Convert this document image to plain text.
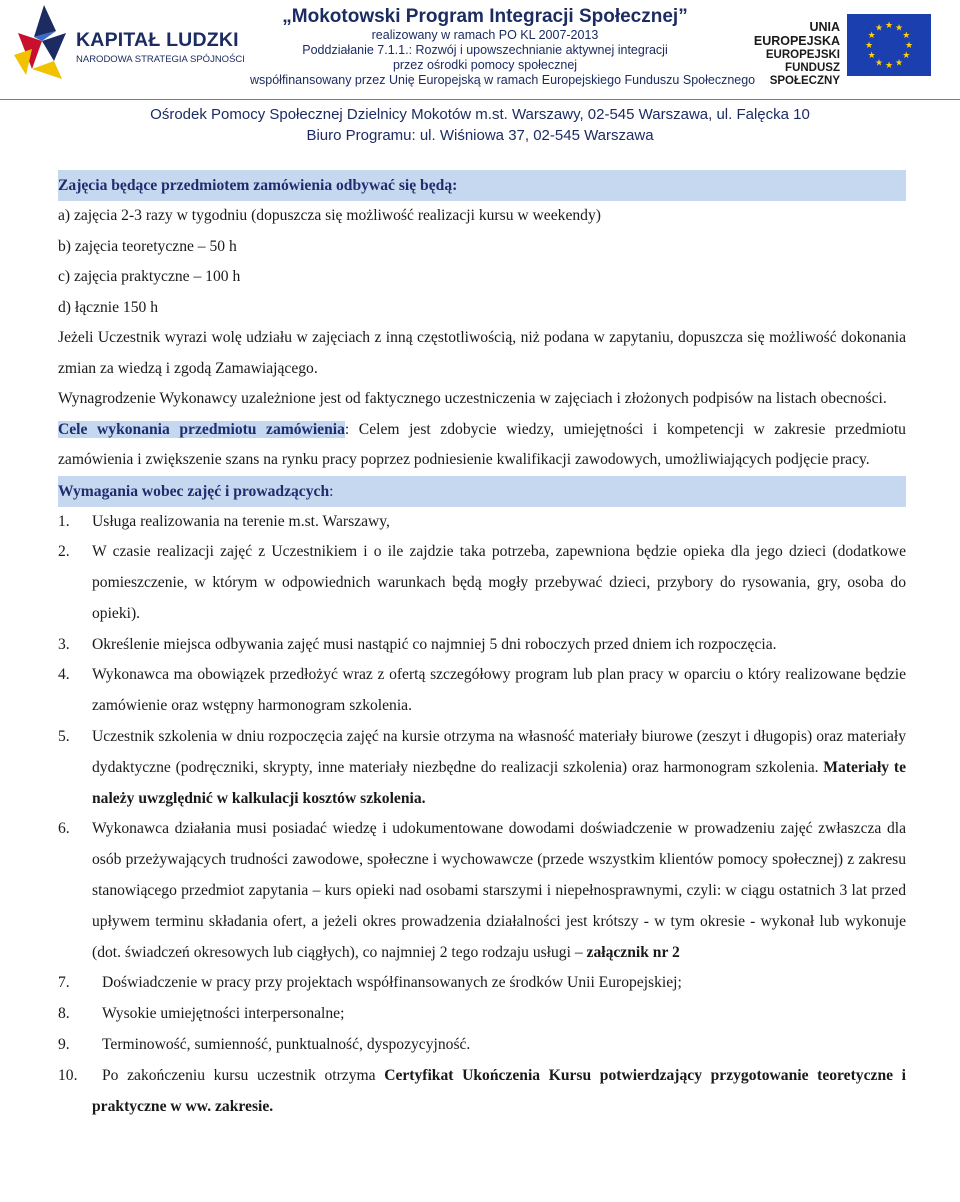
KAPITAŁ LUDZKI
NARODOWA STRATEGIA SPÓJNOŚCI
„Mokotowski Program Integracji Społecznej”
realizowany w ramach PO KL 2007-2013
Poddziałanie 7.1.1.: Rozwój i upowszechnianie aktywnej integracji
przez ośrodki pomocy społecznej
współfinansowany przez Unię Europejską w ramach Europejskiego Funduszu Społecznego
UNIA EUROPEJSKA
EUROPEJSKI
FUNDUSZ SPOŁECZNY
★
★
★
★
★
★
★
★
★ ★ ★
★
Ośrodek Pomocy Społecznej Dzielnicy Mokotów m.st. Warszawy, 02-545 Warszawa, ul. Falęcka 10
Biuro Programu: ul. Wiśniowa 37, 02-545 Warszawa
Zajęcia będące przedmiotem zamówienia odbywać się będą:
a) zajęcia 2-3 razy w tygodniu (dopuszcza się możliwość realizacji kursu w weekendy)
b) zajęcia teoretyczne – 50 h
c) zajęcia praktyczne – 100 h
d) łącznie 150 h
Jeżeli Uczestnik wyrazi wolę udziału w zajęciach z inną częstotliwością, niż podana w zapytaniu, dopuszcza się możliwość dokonania zmian za wiedzą i zgodą Zamawiającego.
Wynagrodzenie Wykonawcy uzależnione jest od faktycznego uczestniczenia w zajęciach i złożonych podpisów na listach obecności.
Cele wykonania przedmiotu zamówienia: Celem jest zdobycie wiedzy, umiejętności i kompetencji w zakresie przedmiotu zamówienia i zwiększenie szans na rynku pracy poprzez podniesienie kwalifikacji zawodowych, umożliwiających podjęcie pracy.
Wymagania wobec zajęć i prowadzących:
1. Usługa realizowania na terenie m.st. Warszawy,
2. W czasie realizacji zajęć z Uczestnikiem i o ile zajdzie taka potrzeba, zapewniona będzie opieka dla jego dzieci (dodatkowe pomieszczenie, w którym w odpowiednich warunkach będą mogły przebywać dzieci, przybory do rysowania, gry, osoba do opieki).
3. Określenie miejsca odbywania zajęć musi nastąpić co najmniej 5 dni roboczych przed dniem ich rozpoczęcia.
4. Wykonawca ma obowiązek przedłożyć wraz z ofertą szczegółowy program lub plan pracy w oparciu o który realizowane będzie zamówienie oraz wstępny harmonogram szkolenia.
5. Uczestnik szkolenia w dniu rozpoczęcia zajęć na kursie otrzyma na własność materiały biurowe (zeszyt i długopis) oraz materiały dydaktyczne (podręczniki, skrypty, inne materiały niezbędne do realizacji szkolenia) oraz harmonogram szkolenia. Materiały te należy uwzględnić w kalkulacji kosztów szkolenia.
6. Wykonawca działania musi posiadać wiedzę i udokumentowane dowodami doświadczenie w prowadzeniu zajęć zwłaszcza dla osób przeżywających trudności zawodowe, społeczne i wychowawcze (przede wszystkim klientów pomocy społecznej) z zakresu stanowiącego przedmiot zapytania – kurs opieki nad osobami starszymi i niepełnosprawnymi, czyli: w ciągu ostatnich 3 lat przed upływem terminu składania ofert, a jeżeli okres prowadzenia działalności jest krótszy - w tym okresie - wykonał lub wykonuje (dot. świadczeń okresowych lub ciągłych), co najmniej 2 tego rodzaju usługi – załącznik nr 2
7. Doświadczenie w pracy przy projektach współfinansowanych ze środków Unii Europejskiej;
8. Wysokie umiejętności interpersonalne;
9. Terminowość, sumienność, punktualność, dyspozycyjność.
10. Po zakończeniu kursu uczestnik otrzyma Certyfikat Ukończenia Kursu potwierdzający przygotowanie teoretyczne i praktyczne w ww. zakresie.
